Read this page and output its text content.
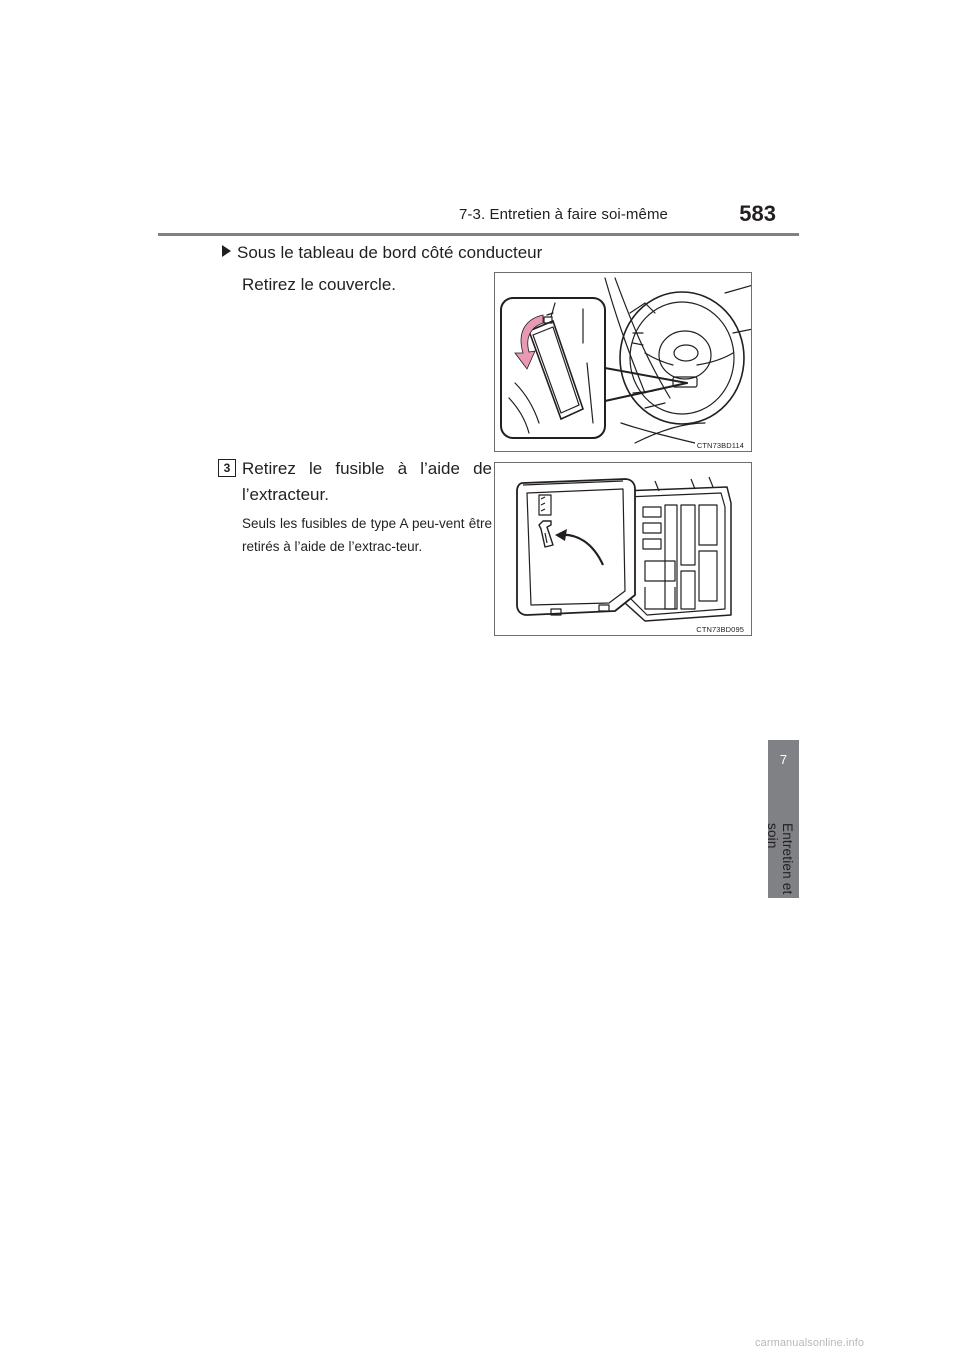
7-3. Entretien à faire soi-même	583
7
Entretien et soin
Sous le tableau de bord côté conducteur
Retirez le couvercle.
3 Retirez le fusible à l’aide de l’extracteur.
Seuls les fusibles de type A peu-vent être retirés à l’aide de l’extrac-teur.
CTN73BD114
CTN73BD095
carmanualsonline.info
